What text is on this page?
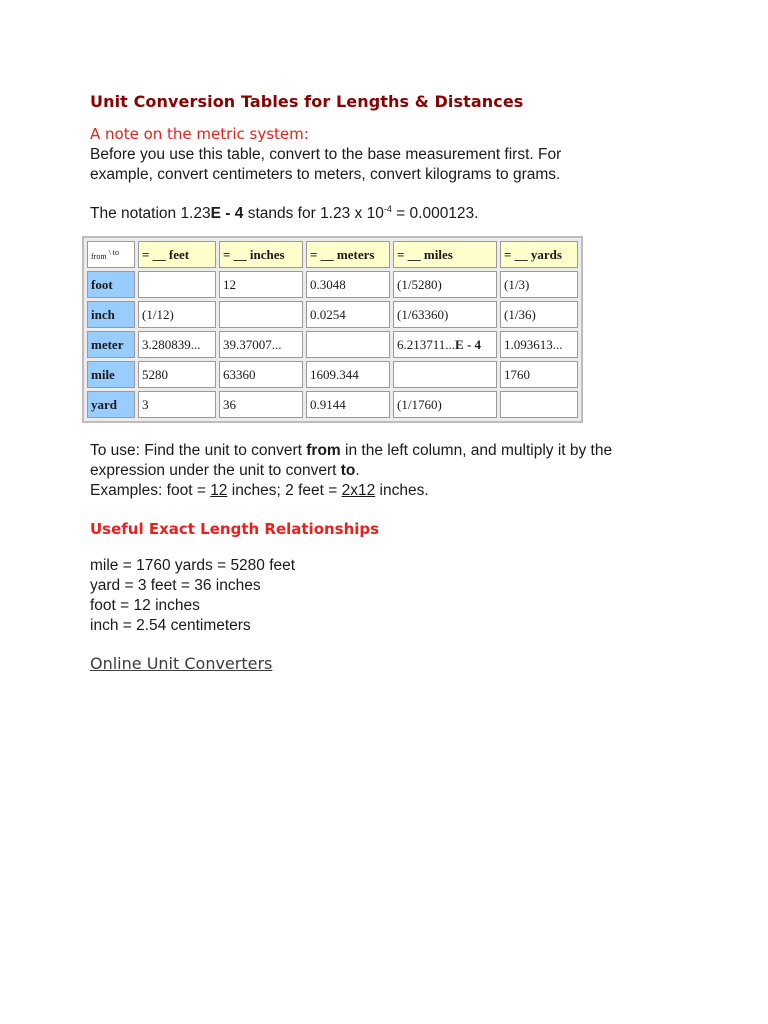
Unit Conversion Tables for Lengths & Distances
A note on the metric system:
Before you use this table, convert to the base measurement first. For
example, convert centimeters to meters, convert kilograms to grams.
The notation 1.23E - 4 stands for 1.23 x $10^{-4} = 0.000123$.
from \ to	= __ feet	= __ inches	= __ meters	= __ miles	= __ yards
foot		12	0.3048	(1/5280)	(1/3)
inch	(1/12)		0.0254	(1/63360)	(1/36)
meter	3.280839...	39.37007...		6.213711...E - 4	1.093613...
mile	5280	63360	1609.344		1760
yard	3	36	0.9144	(1/1760)	
To use: Find the unit to convert from in the left column, and multiply it by the
expression under the unit to convert to.
Examples: foot = 12 inches; 2 feet = 2x12 inches.
Useful Exact Length Relationships
mile = 1760 yards = 5280 feet
yard = 3 feet = 36 inches
foot = 12 inches
inch = 2.54 centimeters
Online Unit Converters
